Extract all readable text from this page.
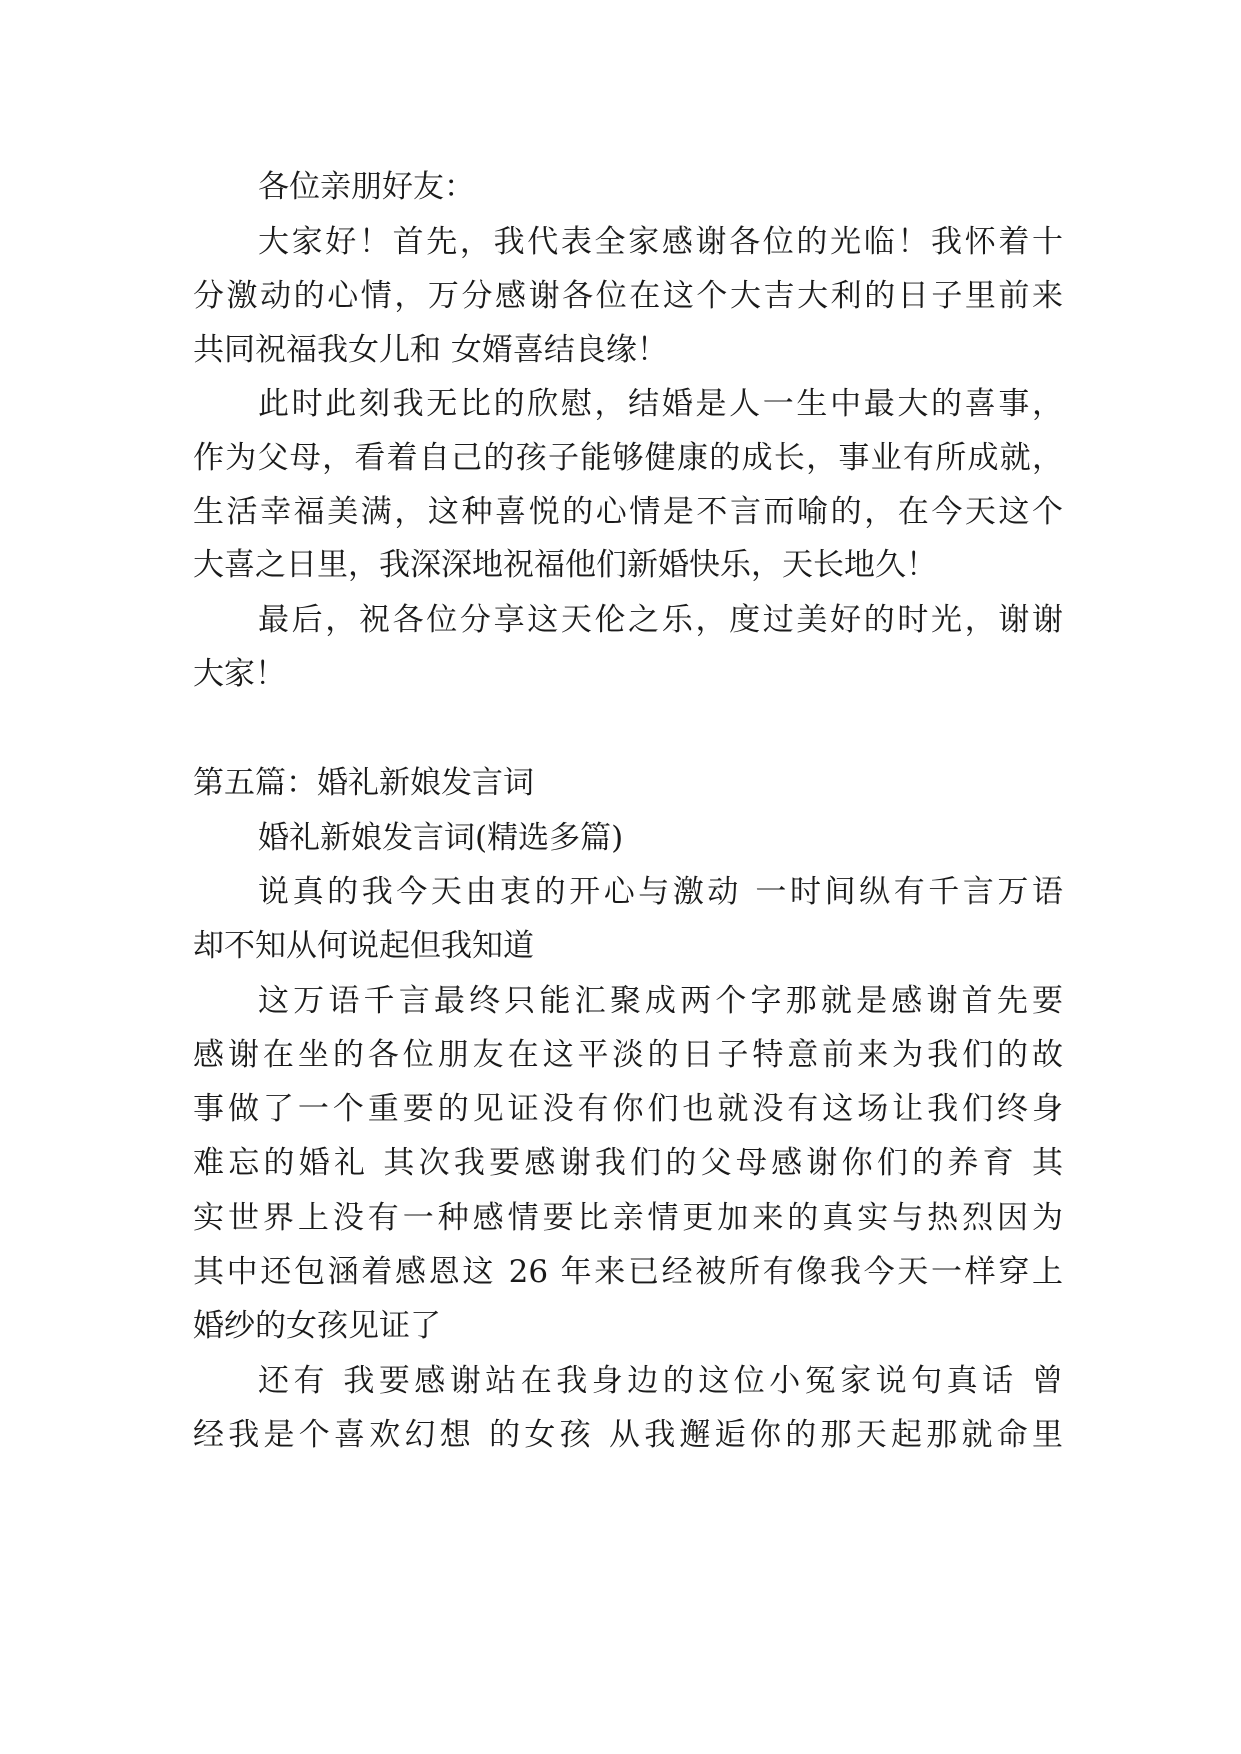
各位亲朋好友：
大家好！首先，我代表全家感谢各位的光临！我怀着十
分激动的心情，万分感谢各位在这个大吉大利的日子里前来
共同祝福我女儿和 女婿喜结良缘！
此时此刻我无比的欣慰，结婚是人一生中最大的喜事，
作为父母，看着自己的孩子能够健康的成长，事业有所成就，
生活幸福美满，这种喜悦的心情是不言而喻的，在今天这个
大喜之日里，我深深地祝福他们新婚快乐，天长地久！
最后，祝各位分享这天伦之乐，度过美好的时光，谢谢
大家！
第五篇：婚礼新娘发言词
婚礼新娘发言词(精选多篇)
说真的我今天由衷的开心与激动 一时间纵有千言万语
却不知从何说起但我知道
这万语千言最终只能汇聚成两个字那就是感谢首先要
感谢在坐的各位朋友在这平淡的日子特意前来为我们的故
事做了一个重要的见证没有你们也就没有这场让我们终身
难忘的婚礼 其次我要感谢我们的父母感谢你们的养育 其
实世界上没有一种感情要比亲情更加来的真实与热烈因为
其中还包涵着感恩这 26 年来已经被所有像我今天一样穿上
婚纱的女孩见证了
还有 我要感谢站在我身边的这位小冤家说句真话 曾
经我是个喜欢幻想 的女孩 从我邂逅你的那天起那就命里
